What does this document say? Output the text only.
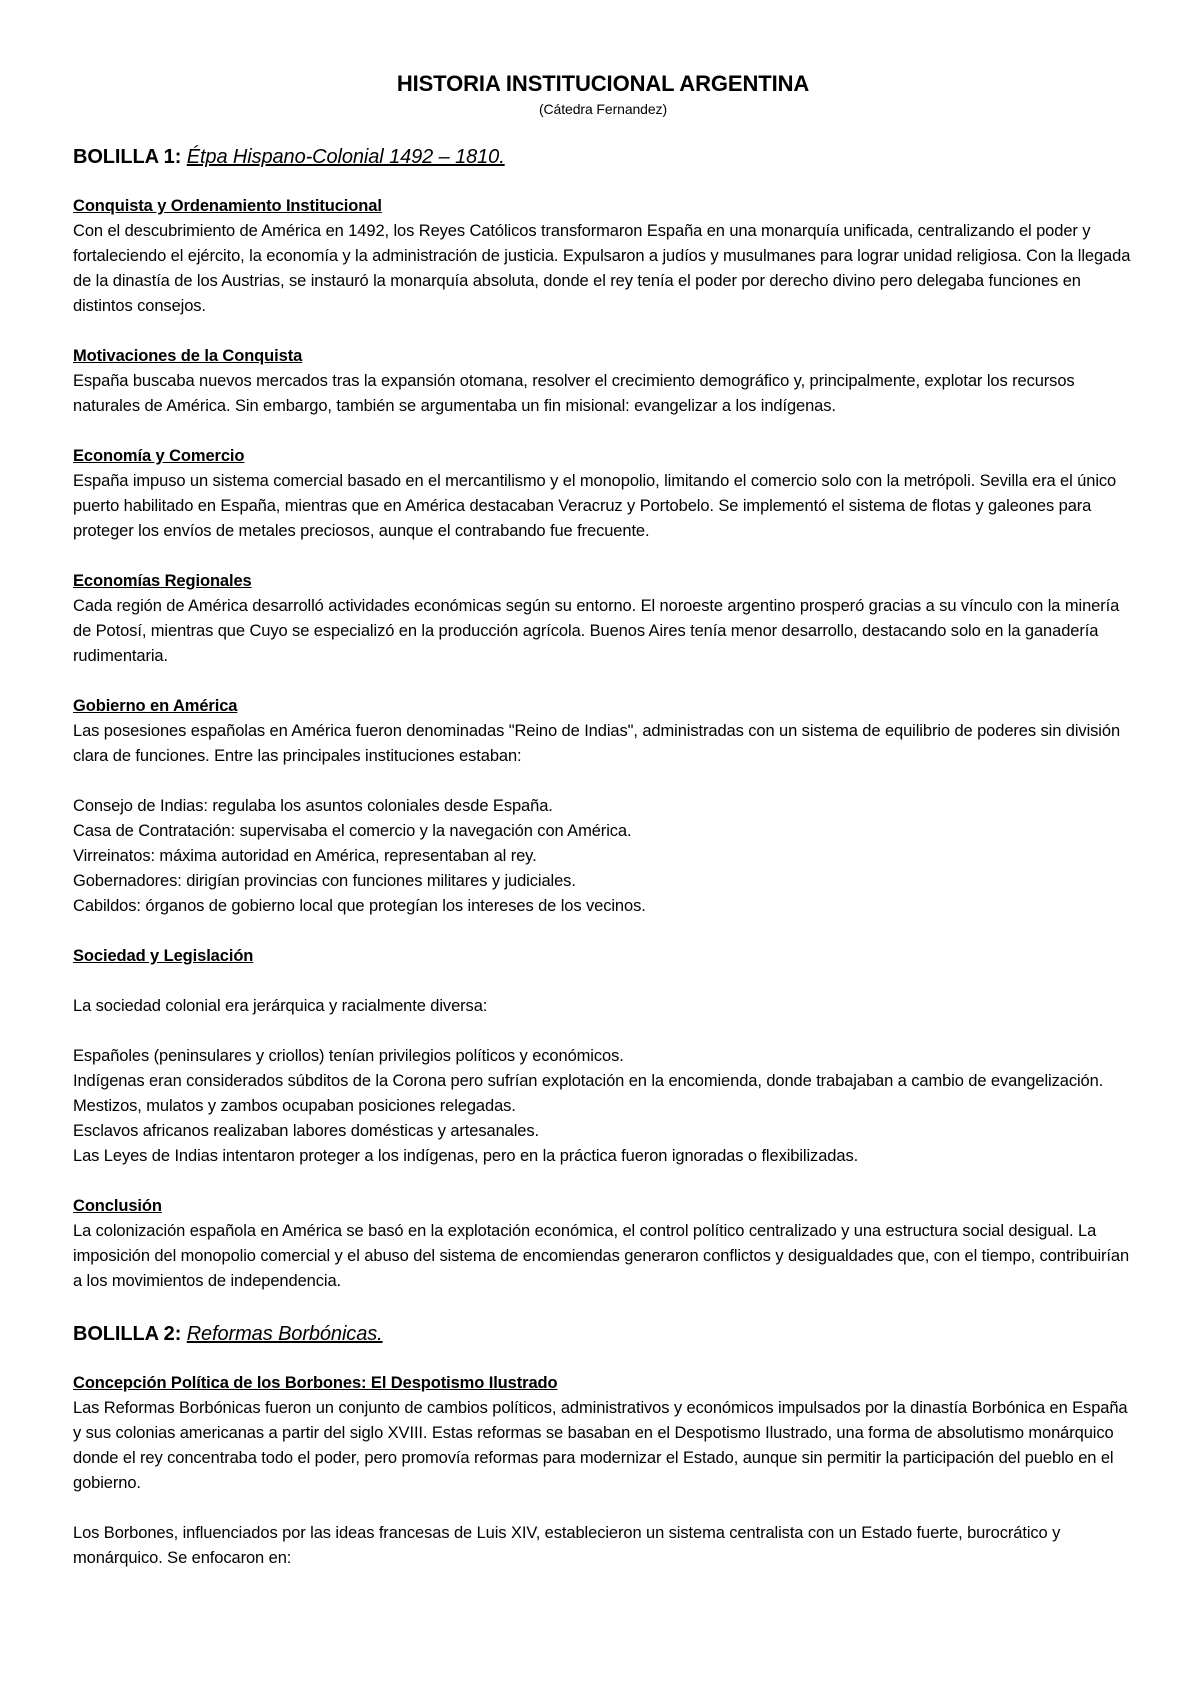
HISTORIA INSTITUCIONAL ARGENTINA
(Cátedra Fernandez)
BOLILLA 1: Étpa Hispano-Colonial 1492 – 1810.

Conquista y Ordenamiento Institucional

Con el descubrimiento de América en 1492, los Reyes Católicos transformaron España en una monarquía unificada, centralizando el poder y fortaleciendo el ejército, la economía y la administración de justicia. Expulsaron a judíos y musulmanes para lograr unidad religiosa. Con la llegada de la dinastía de los Austrias, se instauró la monarquía absoluta, donde el rey tenía el poder por derecho divino pero delegaba funciones en distintos consejos.

Motivaciones de la Conquista

España buscaba nuevos mercados tras la expansión otomana, resolver el crecimiento demográfico y, principalmente, explotar los recursos naturales de América. Sin embargo, también se argumentaba un fin misional: evangelizar a los indígenas.

Economía y Comercio

España impuso un sistema comercial basado en el mercantilismo y el monopolio, limitando el comercio solo con la metrópoli. Sevilla era el único puerto habilitado en España, mientras que en América destacaban Veracruz y Portobelo. Se implementó el sistema de flotas y galeones para proteger los envíos de metales preciosos, aunque el contrabando fue frecuente.

Economías Regionales

Cada región de América desarrolló actividades económicas según su entorno. El noroeste argentino prosperó gracias a su vínculo con la minería de Potosí, mientras que Cuyo se especializó en la producción agrícola. Buenos Aires tenía menor desarrollo, destacando solo en la ganadería rudimentaria.

Gobierno en América

Las posesiones españolas en América fueron denominadas "Reino de Indias", administradas con un sistema de equilibrio de poderes sin división clara de funciones. Entre las principales instituciones estaban:

Consejo de Indias: regulaba los asuntos coloniales desde España.

Casa de Contratación: supervisaba el comercio y la navegación con América.

Virreinatos: máxima autoridad en América, representaban al rey.

Gobernadores: dirigían provincias con funciones militares y judiciales.

Cabildos: órganos de gobierno local que protegían los intereses de los vecinos.

Sociedad y Legislación

La sociedad colonial era jerárquica y racialmente diversa:

Españoles (peninsulares y criollos) tenían privilegios políticos y económicos.

Indígenas eran considerados súbditos de la Corona pero sufrían explotación en la encomienda, donde trabajaban a cambio de evangelización.

Mestizos, mulatos y zambos ocupaban posiciones relegadas.

Esclavos africanos realizaban labores domésticas y artesanales.

Las Leyes de Indias intentaron proteger a los indígenas, pero en la práctica fueron ignoradas o flexibilizadas.

Conclusión

La colonización española en América se basó en la explotación económica, el control político centralizado y una estructura social desigual. La imposición del monopolio comercial y el abuso del sistema de encomiendas generaron conflictos y desigualdades que, con el tiempo, contribuirían a los movimientos de independencia.

BOLILLA 2: Reformas Borbónicas.

Concepción Política de los Borbones: El Despotismo Ilustrado

Las Reformas Borbónicas fueron un conjunto de cambios políticos, administrativos y económicos impulsados por la dinastía Borbónica en España y sus colonias americanas a partir del siglo XVIII. Estas reformas se basaban en el Despotismo Ilustrado, una forma de absolutismo monárquico donde el rey concentraba todo el poder, pero promovía reformas para modernizar el Estado, aunque sin permitir la participación del pueblo en el gobierno.

Los Borbones, influenciados por las ideas francesas de Luis XIV, establecieron un sistema centralista con un Estado fuerte, burocrático y monárquico. Se enfocaron en:
